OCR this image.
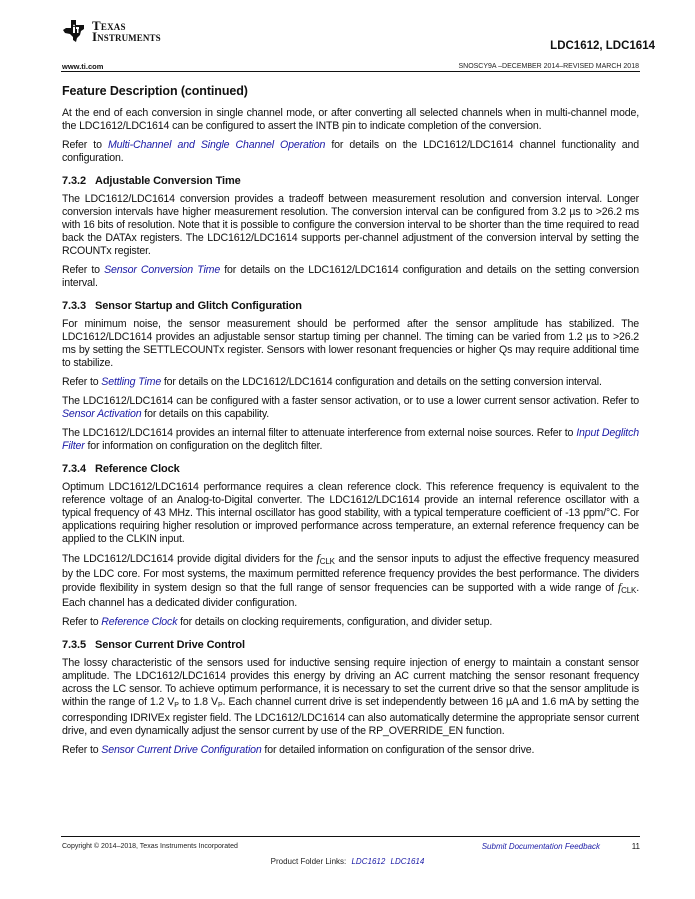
Texas
Instruments
LDC1612, LDC1614
www.ti.com	SNOSCY9A –DECEMBER 2014–REVISED MARCH 2018
Feature Description (continued)

At the end of each conversion in single channel mode, or after converting all selected channels when in multi-channel mode, the LDC1612/LDC1614 can be configured to assert the INTB pin to indicate completion of the conversion.

Refer to Multi-Channel and Single Channel Operation for details on the LDC1612/LDC1614 channel functionality and configuration.

7.3.2 Adjustable Conversion Time

The LDC1612/LDC1614 conversion provides a tradeoff between measurement resolution and conversion interval. Longer conversion intervals have higher measurement resolution. The conversion interval can be configured from 3.2 µs to >26.2 ms with 16 bits of resolution. Note that it is possible to configure the conversion interval to be shorter than the time required to read back the DATAx registers. The LDC1612/LDC1614 supports per-channel adjustment of the conversion interval by setting the RCOUNTx register.

Refer to Sensor Conversion Time for details on the LDC1612/LDC1614 configuration and details on the setting conversion interval.

7.3.3 Sensor Startup and Glitch Configuration

For minimum noise, the sensor measurement should be performed after the sensor amplitude has stabilized. The LDC1612/LDC1614 provides an adjustable sensor startup timing per channel. The timing can be varied from 1.2 µs to >26.2 ms by setting the SETTLECOUNTx register. Sensors with lower resonant frequencies or higher Qs may require additional time to stabilize.

Refer to Settling Time for details on the LDC1612/LDC1614 configuration and details on the setting conversion interval.

The LDC1612/LDC1614 can be configured with a faster sensor activation, or to use a lower current sensor activation. Refer to Sensor Activation for details on this capability.

The LDC1612/LDC1614 provides an internal filter to attenuate interference from external noise sources. Refer to Input Deglitch Filter for information on configuration on the deglitch filter.

7.3.4 Reference Clock

Optimum LDC1612/LDC1614 performance requires a clean reference clock. This reference frequency is equivalent to the reference voltage of an Analog-to-Digital converter. The LDC1612/LDC1614 provide an internal reference oscillator with a typical frequency of 43 MHz. This internal oscillator has good stability, with a typical temperature coefficient of -13 ppm/°C. For applications requiring higher resolution or improved performance across temperature, an external reference frequency can be applied to the CLKIN input.

The LDC1612/LDC1614 provide digital dividers for the $f_{CLK}$ and the sensor inputs to adjust the effective frequency measured by the LDC core. For most systems, the maximum permitted reference frequency provides the best performance. The dividers provide flexibility in system design so that the full range of sensor frequencies can be supported with a wide range of $f_{CLK}$. Each channel has a dedicated divider configuration.

Refer to Reference Clock for details on clocking requirements, configuration, and divider setup.

7.3.5 Sensor Current Drive Control

The lossy characteristic of the sensors used for inductive sensing require injection of energy to maintain a constant sensor amplitude. The LDC1612/LDC1614 provides this energy by driving an AC current matching the sensor resonant frequency across the LC sensor. To achieve optimum performance, it is necessary to set the current drive so that the sensor amplitude is within the range of 1.2 $V_P$ to 1.8 $V_P$. Each channel current drive is set independently between 16 µA and 1.6 mA by setting the corresponding IDRIVEx register field. The LDC1612/LDC1614 can also automatically determine the appropriate sensor current drive, and even dynamically adjust the sensor current by use of the RP_OVERRIDE_EN function.

Refer to Sensor Current Drive Configuration for detailed information on configuration of the sensor drive.

Copyright © 2014–2018, Texas Instruments Incorporated	Submit Documentation Feedback	11
Product Folder Links: LDC1612 LDC1614
